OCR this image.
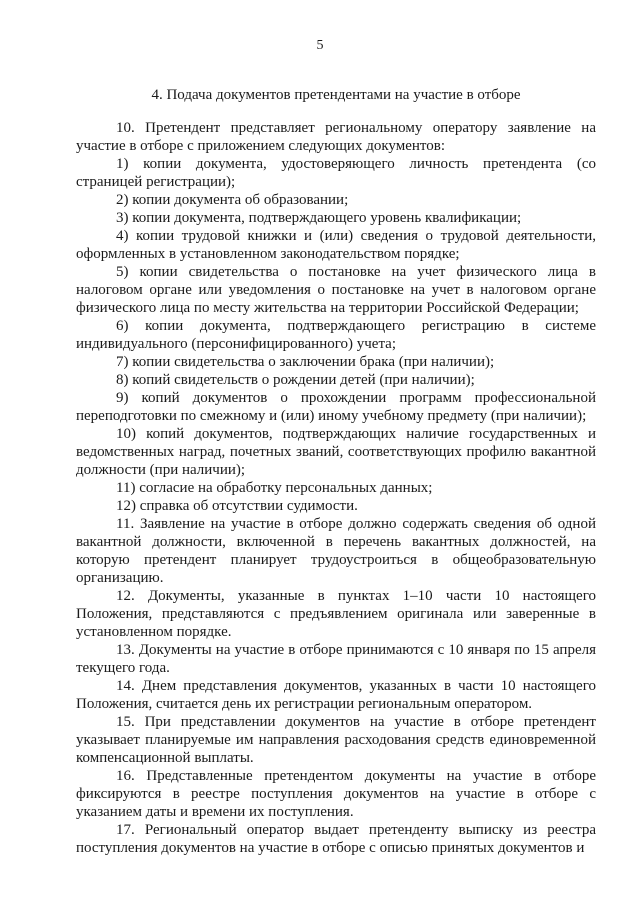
5
4. Подача документов претендентами на участие в отборе

10. Претендент представляет региональному оператору заявление на участие в отборе с приложением следующих документов:

1) копии документа, удостоверяющего личность претендента (со страницей регистрации);

2) копии документа об образовании;

3) копии документа, подтверждающего уровень квалификации;

4) копии трудовой книжки и (или) сведения о трудовой деятельности, оформленных в установленном законодательством порядке;

5) копии свидетельства о постановке на учет физического лица в налоговом органе или уведомления о постановке на учет в налоговом органе физического лица по месту жительства на территории Российской Федерации;

6) копии документа, подтверждающего регистрацию в системе индивидуального (персонифицированного) учета;

7) копии свидетельства о заключении брака (при наличии);

8) копий свидетельств о рождении детей (при наличии);

9) копий документов о прохождении программ профессиональной переподготовки по смежному и (или) иному учебному предмету (при наличии);

10) копий документов, подтверждающих наличие государственных и ведомственных наград, почетных званий, соответствующих профилю вакантной должности (при наличии);

11) согласие на обработку персональных данных;

12) справка об отсутствии судимости.

11. Заявление на участие в отборе должно содержать сведения об одной вакантной должности, включенной в перечень вакантных должностей, на которую претендент планирует трудоустроиться в общеобразовательную организацию.

12. Документы, указанные в пунктах 1–10 части 10 настоящего Положения, представляются с предъявлением оригинала или заверенные в установленном порядке.

13. Документы на участие в отборе принимаются с 10 января по 15 апреля текущего года.

14. Днем представления документов, указанных в части 10 настоящего Положения, считается день их регистрации региональным оператором.

15. При представлении документов на участие в отборе претендент указывает планируемые им направления расходования средств единовременной компенсационной выплаты.

16. Представленные претендентом документы на участие в отборе фиксируются в реестре поступления документов на участие в отборе с указанием даты и времени их поступления.

17. Региональный оператор выдает претенденту выписку из реестра поступления документов на участие в отборе с описью принятых документов и
